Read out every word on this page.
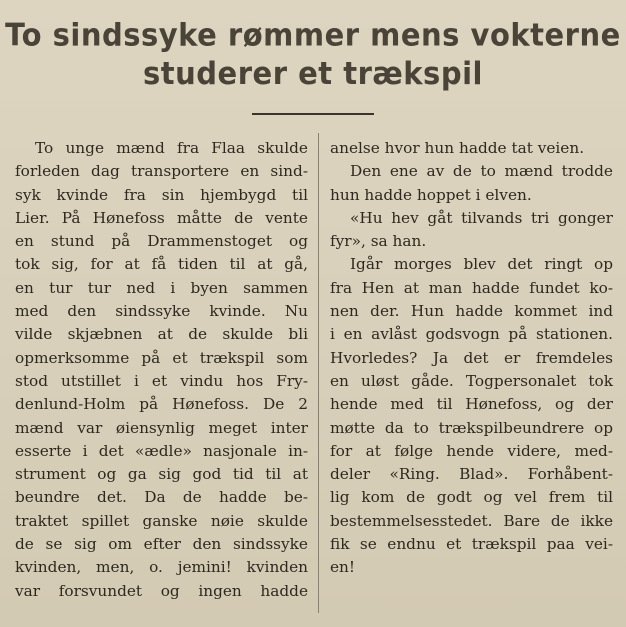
To sindssyke rømmer mens vokterne
studerer et trækspil
To unge mænd fra Flaa skulde
forleden dag transportere en sind-
syk kvinde fra sin hjembygd til
Lier. På Hønefoss måtte de vente
en stund på Drammenstoget og
tok sig, for at få tiden til at gå,
en tur tur ned i byen sammen
med den sindssyke kvinde. Nu
vilde skjæbnen at de skulde bli
opmerksomme på et trækspil som
stod utstillet i et vindu hos Fry-
denlund-Holm på Hønefoss. De 2
mænd var øiensynlig meget inter
esserte i det «ædle» nasjonale in-
strument og ga sig god tid til at
beundre det. Da de hadde be-
traktet spillet ganske nøie skulde
de se sig om efter den sindssyke
kvinden, men, o. jemini! kvinden
var forsvundet og ingen hadde
anelse hvor hun hadde tat veien.
Den ene av de to mænd trodde
hun hadde hoppet i elven.
«Hu hev gåt tilvands tri gonger
fyr», sa han.
Igår morges blev det ringt op
fra Hen at man hadde fundet ko-
nen der. Hun hadde kommet ind
i en avlåst godsvogn på stationen.
Hvorledes? Ja det er fremdeles
en uløst gåde. Togpersonalet tok
hende med til Hønefoss, og der
møtte da to trækspilbeundrere op
for at følge hende videre, med-
deler «Ring. Blad». Forhåbent-
lig kom de godt og vel frem til
bestemmelsesstedet. Bare de ikke
fik se endnu et trækspil paa vei-
en!
